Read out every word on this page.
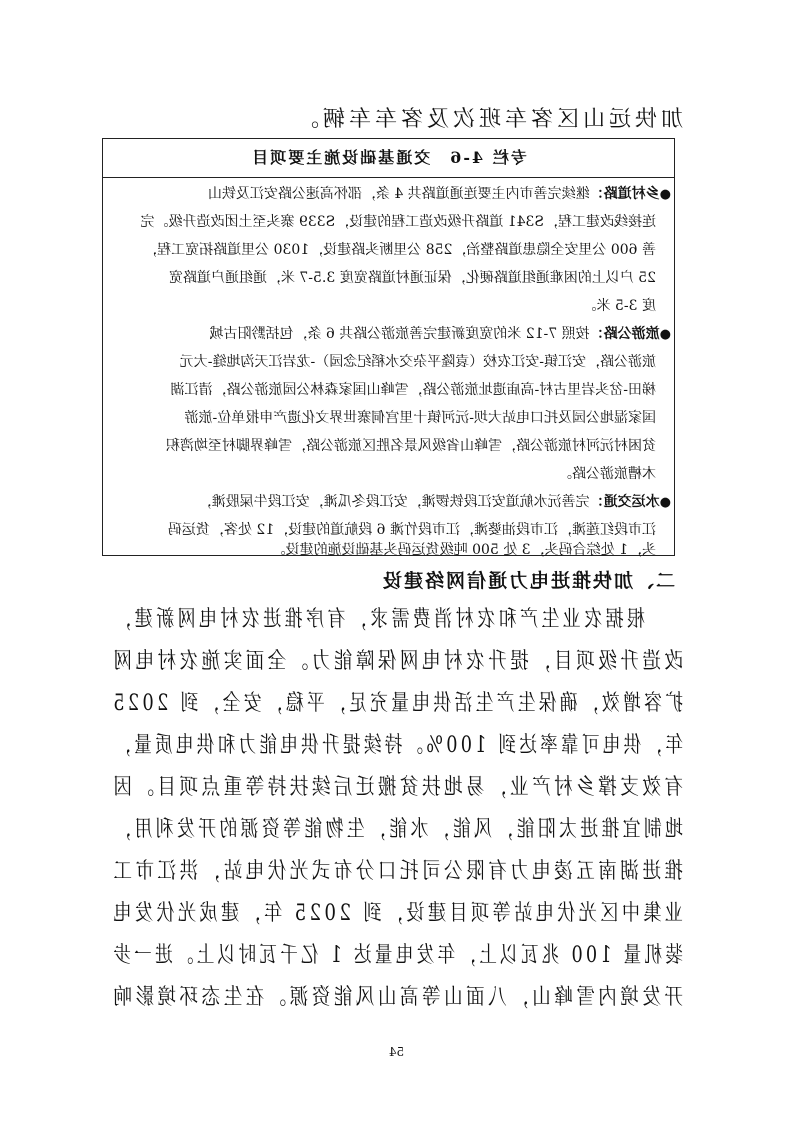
加快远山区客车班次及客车车辆。
专栏 4-6　交通基础设施主要项目
●乡村道路：继续完善市内主要连通道路共 4 条，邵怀高速公路安江及铁山
连接线改建工程，S341 道路升级改造工程的建设，S339 寨头至土团改造升级。完
善 600 公里安全隐患道路整治，258 公里断头路建设，1030 公里道路拓宽工程，
25 户以上的困难通组道路硬化，保证通村道路宽度 3.5-7 米，通组通户道路宽
度 3-5 米。
●旅游公路：按照 7-12 米的宽度新建完善旅游公路共 6 条，包括黔阳古城
旅游公路，安江镇-安江农校（袁隆平杂交水稻纪念园）-龙岩江天沟地缝-大元
梯田-岔头岩里古村-高庙遗址旅游公路，雪峰山国家森林公园旅游公路，清江湖
国家湿地公园及托口电站大坝-沅河镇十里宫侗寨世界文化遗产申报单位-旅游
贫困村沅河村旅游公路，雪峰山省级风景名胜区旅游公路，雪峰界脚村至坳湾积
木槽旅游公路。
●水运交通：完善沅水航道安江段铁锣滩，安江段冬瓜滩，安江段牛屎股滩，
江市段红莲滩，江市段油婆滩，江市段竹滩 6 段航道的建设，12 处客，货运码
头，1 处综合码头，3 处 500 吨级货运码头基础设施的建设。
二、加快推进电力通信网络建设
根据农业生产和农村消费需求，有序推进农村电网新建，
改造升级项目，提升农村电网保障能力。全面实施农村电网
扩容增效，确保生产生活供电量充足，平稳，安全，到 2025
年，供电可靠率达到 100%。持续提升供电能力和供电质量，
有效支撑乡村产业，易地扶贫搬迁后续扶持等重点项目。因
地制宜推进太阳能，风能，水能，生物能等资源的开发利用，
推进湖南五凌电力有限公司托口分布式光伏电站，洪江市工
业集中区光伏电站等项目建设，到 2025 年，建成光伏发电
装机量 100 兆瓦以上，年发电量达 1 亿千瓦时以上。进一步
开发境内雪峰山，八面山等高山风能资源。在生态环境影响
54
